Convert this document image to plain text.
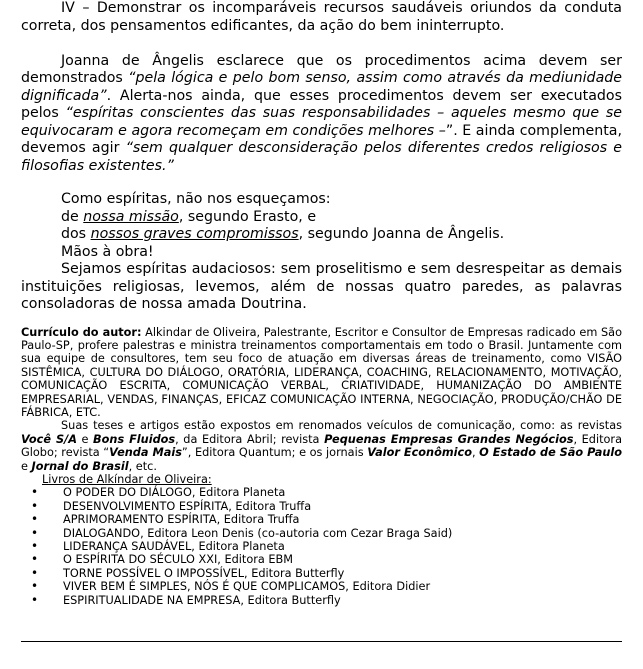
IV – Demonstrar os incomparáveis recursos saudáveis oriundos da conduta correta, dos pensamentos edificantes, da ação do bem ininterrupto.

Joanna de Ângelis esclarece que os procedimentos acima devem ser demonstrados “pela lógica e pelo bom senso, assim como através da mediunidade dignificada”. Alerta-nos ainda, que esses procedimentos devem ser executados pelos “espíritas conscientes das suas responsabilidades – aqueles mesmo que se equivocaram e agora recomeçam em condições melhores –”. E ainda complementa, devemos agir “sem qualquer desconsideração pelos diferentes credos religiosos e filosofias existentes.”

Como espíritas, não nos esqueçamos:

de nossa missão, segundo Erasto, e

dos nossos graves compromissos, segundo Joanna de Ângelis.

Mãos à obra!

Sejamos espíritas audaciosos: sem proselitismo e sem desrespeitar as demais instituições religiosas, levemos, além de nossas quatro paredes, as palavras consoladoras de nossa amada Doutrina.

Currículo do autor: Alkindar de Oliveira, Palestrante, Escritor e Consultor de Empresas radicado em São Paulo-SP, profere palestras e ministra treinamentos comportamentais em todo o Brasil. Juntamente com sua equipe de consultores, tem seu foco de atuação em diversas áreas de treinamento, como VISÃO SISTÊMICA, CULTURA DO DIÁLOGO, ORATÓRIA, LIDERANÇA, COACHING, RELACIONAMENTO, MOTIVAÇÃO, COMUNICAÇÃO ESCRITA, COMUNICAÇÃO VERBAL, CRIATIVIDADE, HUMANIZAÇÃO DO AMBIENTE EMPRESARIAL, VENDAS, FINANÇAS, EFICAZ COMUNICAÇÃO INTERNA, NEGOCIAÇÃO, PRODUÇÃO/CHÃO DE FÁBRICA, ETC.

Suas teses e artigos estão expostos em renomados veículos de comunicação, como: as revistas Você S/A e Bons Fluidos, da Editora Abril; revista Pequenas Empresas Grandes Negócios, Editora Globo; revista “Venda Mais”, Editora Quantum; e os jornais Valor Econômico, O Estado de São Paulo e Jornal do Brasil, etc.

Livros de Alkíndar de Oliveira:

• O PODER DO DIÁLOGO, Editora Planeta
• DESENVOLVIMENTO ESPÍRITA, Editora Truffa
• APRIMORAMENTO ESPÍRITA, Editora Truffa
• DIALOGANDO, Editora Leon Denis (co-autoria com Cezar Braga Said)
• LIDERANÇA SAUDÁVEL, Editora Planeta
• O ESPÍRITA DO SÉCULO XXI, Editora EBM
• TORNE POSSÍVEL O IMPOSSÍVEL, Editora Butterfly
• VIVER BEM É SIMPLES, NÓS É QUE COMPLICAMOS, Editora Didier
• ESPIRITUALIDADE NA EMPRESA, Editora Butterfly
